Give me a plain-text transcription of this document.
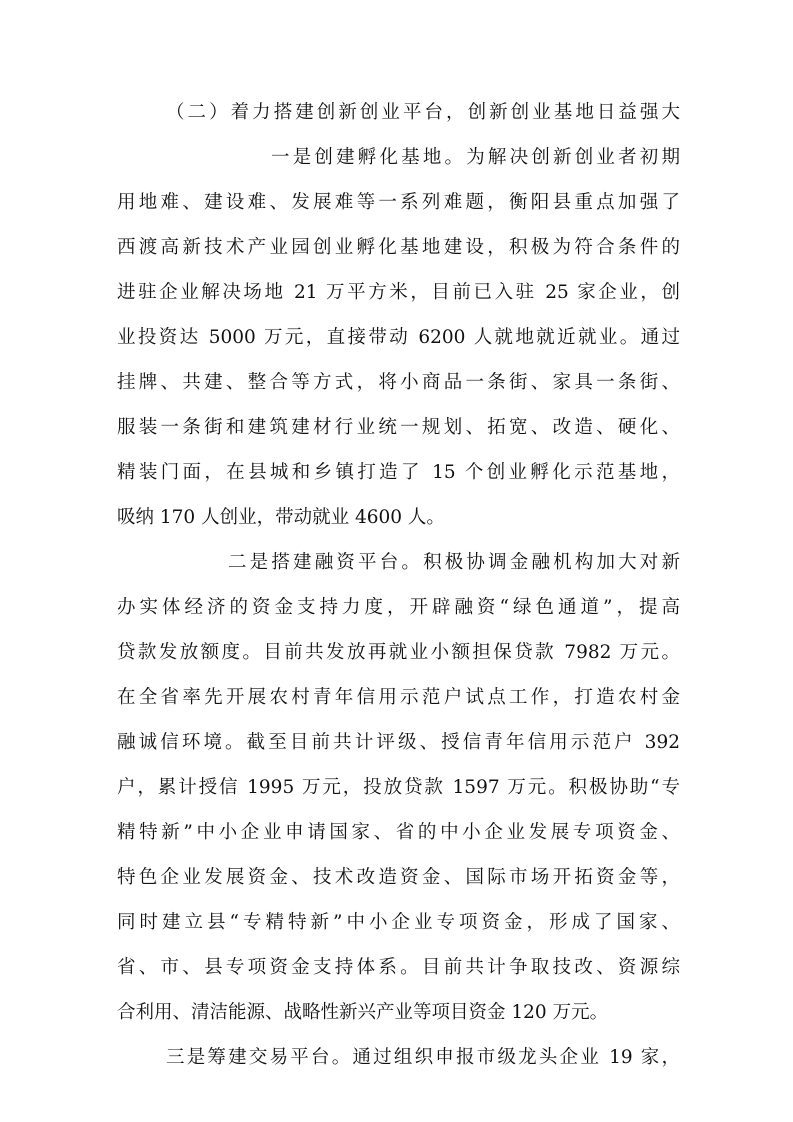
（二）着力搭建创新创业平台，创新创业基地日益强大
一是创建孵化基地。为解决创新创业者初期
用地难、建设难、发展难等一系列难题，衡阳县重点加强了
西渡高新技术产业园创业孵化基地建设，积极为符合条件的
进驻企业解决场地 21 万平方米，目前已入驻 25 家企业，创
业投资达 5000 万元，直接带动 6200 人就地就近就业。通过
挂牌、共建、整合等方式，将小商品一条街、家具一条街、
服装一条街和建筑建材行业统一规划、拓宽、改造、硬化、
精装门面，在县城和乡镇打造了 15 个创业孵化示范基地，
吸纳 170 人创业，带动就业 4600 人。
二是搭建融资平台。积极协调金融机构加大对新
办实体经济的资金支持力度，开辟融资“绿色通道”，提高
贷款发放额度。目前共发放再就业小额担保贷款 7982 万元。
在全省率先开展农村青年信用示范户试点工作，打造农村金
融诚信环境。截至目前共计评级、授信青年信用示范户 392
户，累计授信 1995 万元，投放贷款 1597 万元。积极协助“专
精特新”中小企业申请国家、省的中小企业发展专项资金、
特色企业发展资金、技术改造资金、国际市场开拓资金等，
同时建立县“专精特新”中小企业专项资金，形成了国家、
省、市、县专项资金支持体系。目前共计争取技改、资源综
合利用、清洁能源、战略性新兴产业等项目资金 120 万元。
三是筹建交易平台。通过组织申报市级龙头企业 19 家，
